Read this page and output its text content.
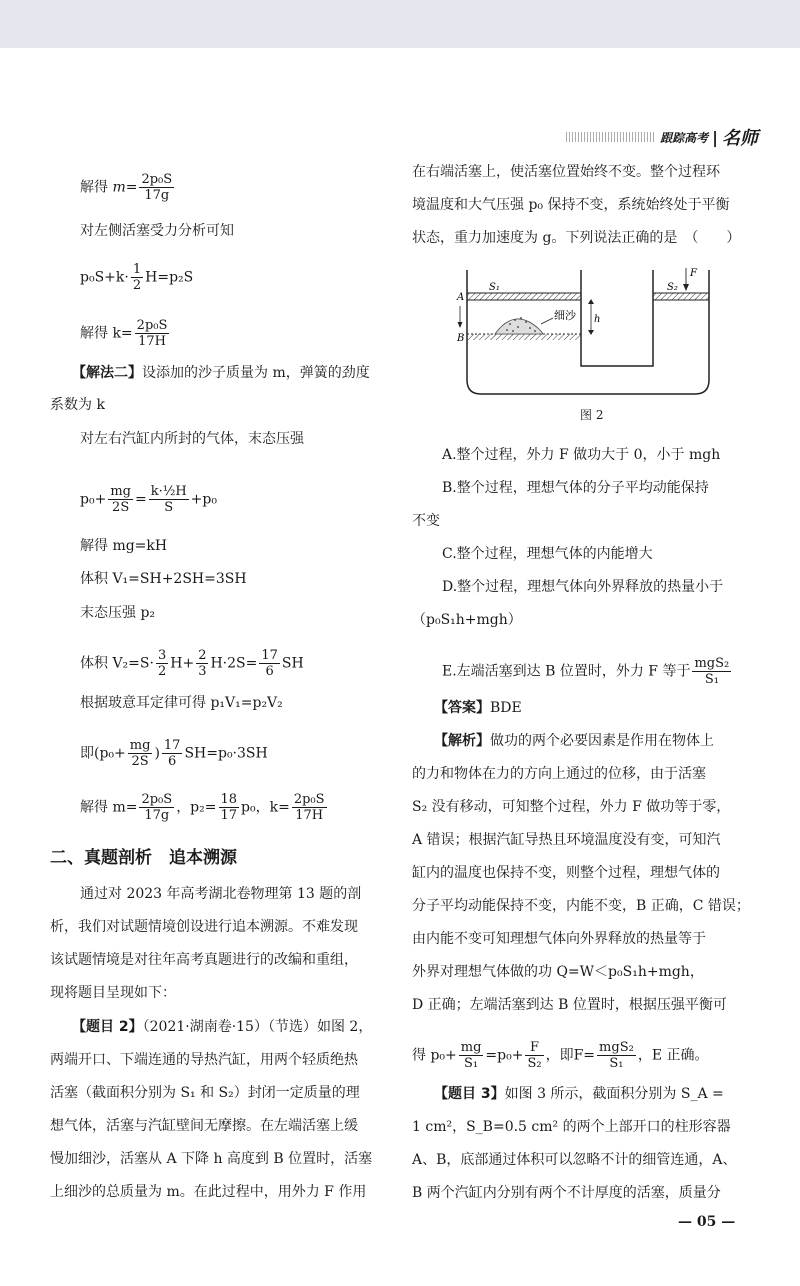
跟踪高考 | 名师
解得 $m= \frac{\text{2p₀S}}{17g}$
对左侧活塞受力分析可知
$p_0S+k\cdot \frac{1}{2} H=p_2S$
解得 $k= \frac{\text{2p₀S}}{17H}$
【解法二】设添加的沙子质量为 m，弹簧的劲度
系数为 k
对左右汽缸内所封的气体，末态压强
$p_0+ \frac{mg}{2S} = \frac{\text{k·½H}}{S} +p_0$
解得 mg=kH
体积 V₁=SH+2SH=3SH
末态压强 p₂
体积 $V_2=S\cdot \frac{3}{2} H+ \frac{2}{3} H\cdot 2S= \frac{17}{6}$ SH
根据玻意耳定律可得 p₁V₁=p₂V₂
即($p_0+ \frac{mg}{2S}$ ) $\frac{17}{6} SH=p_0\cdot 3SH$
解得 $m= \frac{\text{2p₀S}}{17g}$ ，$p_2= \frac{18}{17} p_0$，$k= \frac{\text{2p₀S}}{17H}$
二、真题剖析　追本溯源
通过对 2023 年高考湖北卷物理第 13 题的剖
析，我们对试题情境创设进行追本溯源。不难发现
该试题情境是对往年高考真题进行的改编和重组，
现将题目呈现如下：
【题目 2】（2021·湖南卷·15）（节选）如图 2，
两端开口、下端连通的导热汽缸，用两个轻质绝热
活塞（截面积分别为 S₁ 和 S₂）封闭一定质量的理
想气体，活塞与汽缸壁间无摩擦。在左端活塞上缓
慢加细沙，活塞从 A 下降 h 高度到 B 位置时，活塞
上细沙的总质量为 m。在此过程中，用外力 F 作用
在右端活塞上，使活塞位置始终不变。整个过程环
境温度和大气压强 p₀ 保持不变，系统始终处于平衡
状态，重力加速度为 g。下列说法正确的是　（　　）
细沙 h
A
B
S₁	S₂
F
图 2
A.整个过程，外力 F 做功大于 0，小于 mgh
B.整个过程，理想气体的分子平均动能保持
不变
C.整个过程，理想气体的内能增大
D.整个过程，理想气体向外界释放的热量小于
（p₀S₁h+mgh）
E.左端活塞到达 B 位置时，外力 F 等于 $\frac{\text{mgS₂}}{\text{S₁}}$
【答案】BDE
【解析】做功的两个必要因素是作用在物体上
的力和物体在力的方向上通过的位移，由于活塞
S₂ 没有移动，可知整个过程，外力 F 做功等于零，
A 错误；根据汽缸导热且环境温度没有变，可知汽
缸内的温度也保持不变，则整个过程，理想气体的
分子平均动能保持不变，内能不变，B 正确，C 错误；
由内能不变可知理想气体向外界释放的热量等于
外界对理想气体做的功 Q=W＜p₀S₁h+mgh，
D 正确；左端活塞到达 B 位置时，根据压强平衡可
得 $p_0+ \frac{mg}{\text{S₁}} =p_0+ \frac{F}{\text{S₂}}$ ，即$F= \frac{\text{mgS₂}}{\text{S₁}}$ ，E 正确。
【题目 3】如图 3 所示，截面积分别为 S_A =
1 cm²，S_B=0.5 cm² 的两个上部开口的柱形容器
A、B，底部通过体积可以忽略不计的细管连通，A、
B 两个汽缸内分别有两个不计厚度的活塞，质量分
— 05 —
